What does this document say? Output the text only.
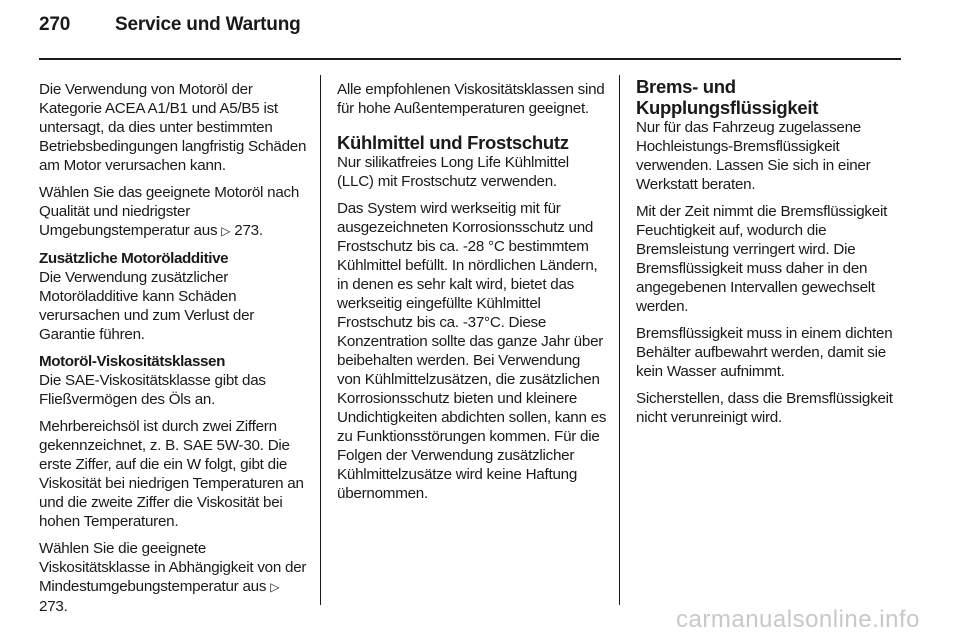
270 Service und Wartung

Die Verwendung von Motoröl der Kategorie ACEA A1/B1 und A5/B5 ist untersagt, da dies unter bestimmten Betriebsbedingungen langfristig Schäden am Motor verursachen kann.

Wählen Sie das geeignete Motoröl nach Qualität und niedrigster Umgebungstemperatur aus ▷ 273.

Zusätzliche Motoröladditive

Die Verwendung zusätzlicher Motoröladditive kann Schäden verursachen und zum Verlust der Garantie führen.

Motoröl-Viskositätsklassen

Die SAE-Viskositätsklasse gibt das Fließvermögen des Öls an.

Mehrbereichsöl ist durch zwei Ziffern gekennzeichnet, z. B. SAE 5W-30. Die erste Ziffer, auf die ein W folgt, gibt die Viskosität bei niedrigen Temperaturen an und die zweite Ziffer die Viskosität bei hohen Temperaturen.

Wählen Sie die geeignete Viskositätsklasse in Abhängigkeit von der Mindestumgebungstemperatur aus ▷ 273.

Alle empfohlenen Viskositätsklassen sind für hohe Außentemperaturen geeignet.

Kühlmittel und Frostschutz

Nur silikatfreies Long Life Kühlmittel (LLC) mit Frostschutz verwenden.

Das System wird werkseitig mit für ausgezeichneten Korrosionsschutz und Frostschutz bis ca. -28 °C bestimmtem Kühlmittel befüllt. In nördlichen Ländern, in denen es sehr kalt wird, bietet das werkseitig eingefüllte Kühlmittel Frostschutz bis ca. -37°C. Diese Konzentration sollte das ganze Jahr über beibehalten werden. Bei Verwendung von Kühlmittelzusätzen, die zusätzlichen Korrosionsschutz bieten und kleinere Undichtigkeiten abdichten sollen, kann es zu Funktionsstörungen kommen. Für die Folgen der Verwendung zusätzlicher Kühlmittelzusätze wird keine Haftung übernommen.

Brems- und Kupplungsflüssigkeit

Nur für das Fahrzeug zugelassene Hochleistungs-Bremsflüssigkeit verwenden. Lassen Sie sich in einer Werkstatt beraten.

Mit der Zeit nimmt die Bremsflüssigkeit Feuchtigkeit auf, wodurch die Bremsleistung verringert wird. Die Bremsflüssigkeit muss daher in den angegebenen Intervallen gewechselt werden.

Bremsflüssigkeit muss in einem dichten Behälter aufbewahrt werden, damit sie kein Wasser aufnimmt.

Sicherstellen, dass die Bremsflüssigkeit nicht verunreinigt wird.

carmanualsonline.info
